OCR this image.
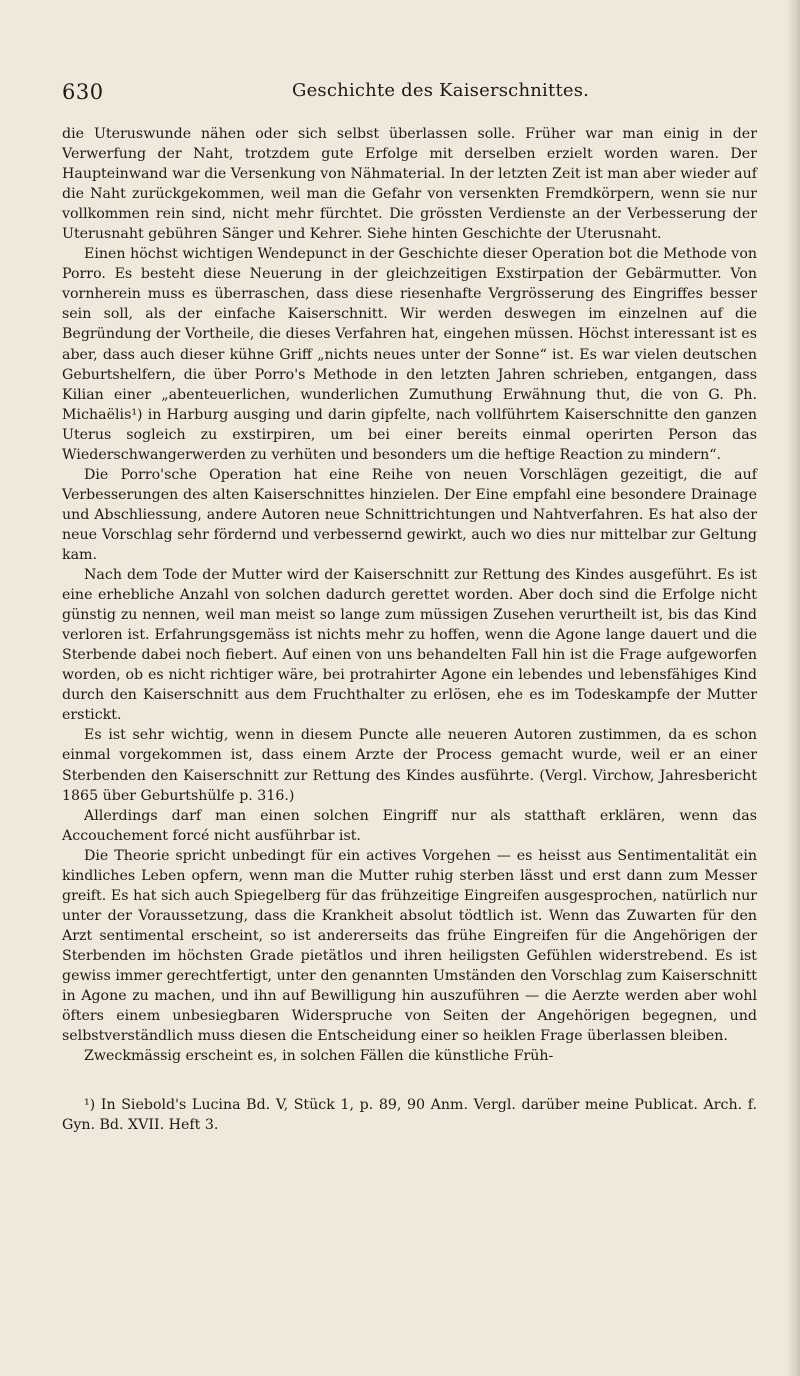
630	Geschichte des Kaiserschnittes.

die Uteruswunde nähen oder sich selbst überlassen solle. Früher war man einig in der Verwerfung der Naht, trotzdem gute Erfolge mit derselben erzielt worden waren. Der Haupteinwand war die Versenkung von Nähmaterial. In der letzten Zeit ist man aber wieder auf die Naht zurückgekommen, weil man die Gefahr von versenkten Fremdkörpern, wenn sie nur vollkommen rein sind, nicht mehr fürchtet. Die grössten Verdienste an der Verbesserung der Uterusnaht gebühren Sänger und Kehrer. Siehe hinten Geschichte der Uterusnaht.

Einen höchst wichtigen Wendepunct in der Geschichte dieser Operation bot die Methode von Porro. Es besteht diese Neuerung in der gleichzeitigen Exstirpation der Gebärmutter. Von vornherein muss es überraschen, dass diese riesenhafte Vergrösserung des Eingriffes besser sein soll, als der einfache Kaiserschnitt. Wir werden deswegen im einzelnen auf die Begründung der Vortheile, die dieses Verfahren hat, eingehen müssen. Höchst interessant ist es aber, dass auch dieser kühne Griff „nichts neues unter der Sonne“ ist. Es war vielen deutschen Geburtshelfern, die über Porro's Methode in den letzten Jahren schrieben, entgangen, dass Kilian einer „abenteuerlichen, wunderlichen Zumuthung Erwähnung thut, die von G. Ph. Michaëlis¹) in Harburg ausging und darin gipfelte, nach vollführtem Kaiserschnitte den ganzen Uterus sogleich zu exstirpiren, um bei einer bereits einmal operirten Person das Wiederschwangerwerden zu verhüten und besonders um die heftige Reaction zu mindern“.

Die Porro'sche Operation hat eine Reihe von neuen Vorschlägen gezeitigt, die auf Verbesserungen des alten Kaiserschnittes hinzielen. Der Eine empfahl eine besondere Drainage und Abschliessung, andere Autoren neue Schnittrichtungen und Nahtverfahren. Es hat also der neue Vorschlag sehr fördernd und verbessernd gewirkt, auch wo dies nur mittelbar zur Geltung kam.

Nach dem Tode der Mutter wird der Kaiserschnitt zur Rettung des Kindes ausgeführt. Es ist eine erhebliche Anzahl von solchen dadurch gerettet worden. Aber doch sind die Erfolge nicht günstig zu nennen, weil man meist so lange zum müssigen Zusehen verurtheilt ist, bis das Kind verloren ist. Erfahrungsgemäss ist nichts mehr zu hoffen, wenn die Agone lange dauert und die Sterbende dabei noch fiebert. Auf einen von uns behandelten Fall hin ist die Frage aufgeworfen worden, ob es nicht richtiger wäre, bei protrahirter Agone ein lebendes und lebensfähiges Kind durch den Kaiserschnitt aus dem Fruchthalter zu erlösen, ehe es im Todeskampfe der Mutter erstickt.

Es ist sehr wichtig, wenn in diesem Puncte alle neueren Autoren zustimmen, da es schon einmal vorgekommen ist, dass einem Arzte der Process gemacht wurde, weil er an einer Sterbenden den Kaiserschnitt zur Rettung des Kindes ausführte. (Vergl. Virchow, Jahresbericht 1865 über Geburtshülfe p. 316.)

Allerdings darf man einen solchen Eingriff nur als statthaft erklären, wenn das Accouchement forcé nicht ausführbar ist.

Die Theorie spricht unbedingt für ein actives Vorgehen — es heisst aus Sentimentalität ein kindliches Leben opfern, wenn man die Mutter ruhig sterben lässt und erst dann zum Messer greift. Es hat sich auch Spiegelberg für das frühzeitige Eingreifen ausgesprochen, natürlich nur unter der Voraussetzung, dass die Krankheit absolut tödtlich ist. Wenn das Zuwarten für den Arzt sentimental erscheint, so ist andererseits das frühe Eingreifen für die Angehörigen der Sterbenden im höchsten Grade pietätlos und ihren heiligsten Gefühlen widerstrebend. Es ist gewiss immer gerechtfertigt, unter den genannten Umständen den Vorschlag zum Kaiserschnitt in Agone zu machen, und ihn auf Bewilligung hin auszuführen — die Aerzte werden aber wohl öfters einem unbesiegbaren Widerspruche von Seiten der Angehörigen begegnen, und selbstverständlich muss diesen die Entscheidung einer so heiklen Frage überlassen bleiben.

Zweckmässig erscheint es, in solchen Fällen die künstliche Früh-

¹) In Siebold's Lucina Bd. V, Stück 1, p. 89, 90 Anm. Vergl. darüber meine Publicat. Arch. f. Gyn. Bd. XVII. Heft 3.
